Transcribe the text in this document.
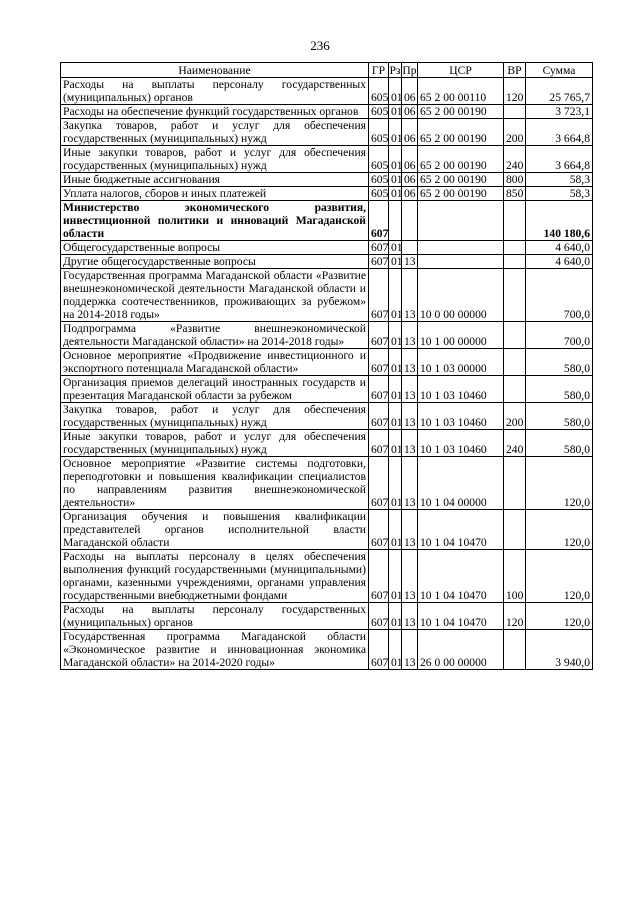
236
Наименование	ГР	Рз	Пр	ЦСР	ВР	Сумма
Расходы на выплаты персоналу государственных (муниципальных) органов	605	01	06	65 2 00 00110	120	25 765,7
Расходы на обеспечение функций государственных органов	605	01	06	65 2 00 00190		3 723,1
Закупка товаров, работ и услуг для обеспечения государственных (муниципальных) нужд	605	01	06	65 2 00 00190	200	3 664,8
Иные закупки товаров, работ и услуг для обеспечения государственных (муниципальных) нужд	605	01	06	65 2 00 00190	240	3 664,8
Иные бюджетные ассигнования	605	01	06	65 2 00 00190	800	58,3
Уплата налогов, сборов и иных платежей	605	01	06	65 2 00 00190	850	58,3
Министерство экономического развития, инвестиционной политики и инноваций Магаданской области	607					140 180,6
Общегосударственные вопросы	607	01				4 640,0
Другие общегосударственные вопросы	607	01	13			4 640,0
Государственная программа Магаданской области «Развитие внешнеэкономической деятельности Магаданской области и поддержка соотечественников, проживающих за рубежом» на 2014-2018 годы»	607	01	13	10 0 00 00000		700,0
Подпрограмма «Развитие внешнеэкономической деятельности Магаданской области» на 2014-2018 годы»	607	01	13	10 1 00 00000		700,0
Основное мероприятие «Продвижение инвестиционного и экспортного потенциала Магаданской области»	607	01	13	10 1 03 00000		580,0
Организация приемов делегаций иностранных государств и презентация Магаданской области за рубежом	607	01	13	10 1 03 10460		580,0
Закупка товаров, работ и услуг для обеспечения государственных (муниципальных) нужд	607	01	13	10 1 03 10460	200	580,0
Иные закупки товаров, работ и услуг для обеспечения государственных (муниципальных) нужд	607	01	13	10 1 03 10460	240	580,0
Основное мероприятие «Развитие системы подготовки, переподготовки и повышения квалификации специалистов по направлениям развития внешнеэкономической деятельности»	607	01	13	10 1 04 00000		120,0
Организация обучения и повышения квалификации представителей органов исполнительной власти Магаданской области	607	01	13	10 1 04 10470		120,0
Расходы на выплаты персоналу в целях обеспечения выполнения функций государственными (муниципальными) органами, казенными учреждениями, органами управления государственными внебюджетными фондами	607	01	13	10 1 04 10470	100	120,0
Расходы на выплаты персоналу государственных (муниципальных) органов	607	01	13	10 1 04 10470	120	120,0
Государственная программа Магаданской области «Экономическое развитие и инновационная экономика Магаданской области» на 2014-2020 годы»	607	01	13	26 0 00 00000		3 940,0
